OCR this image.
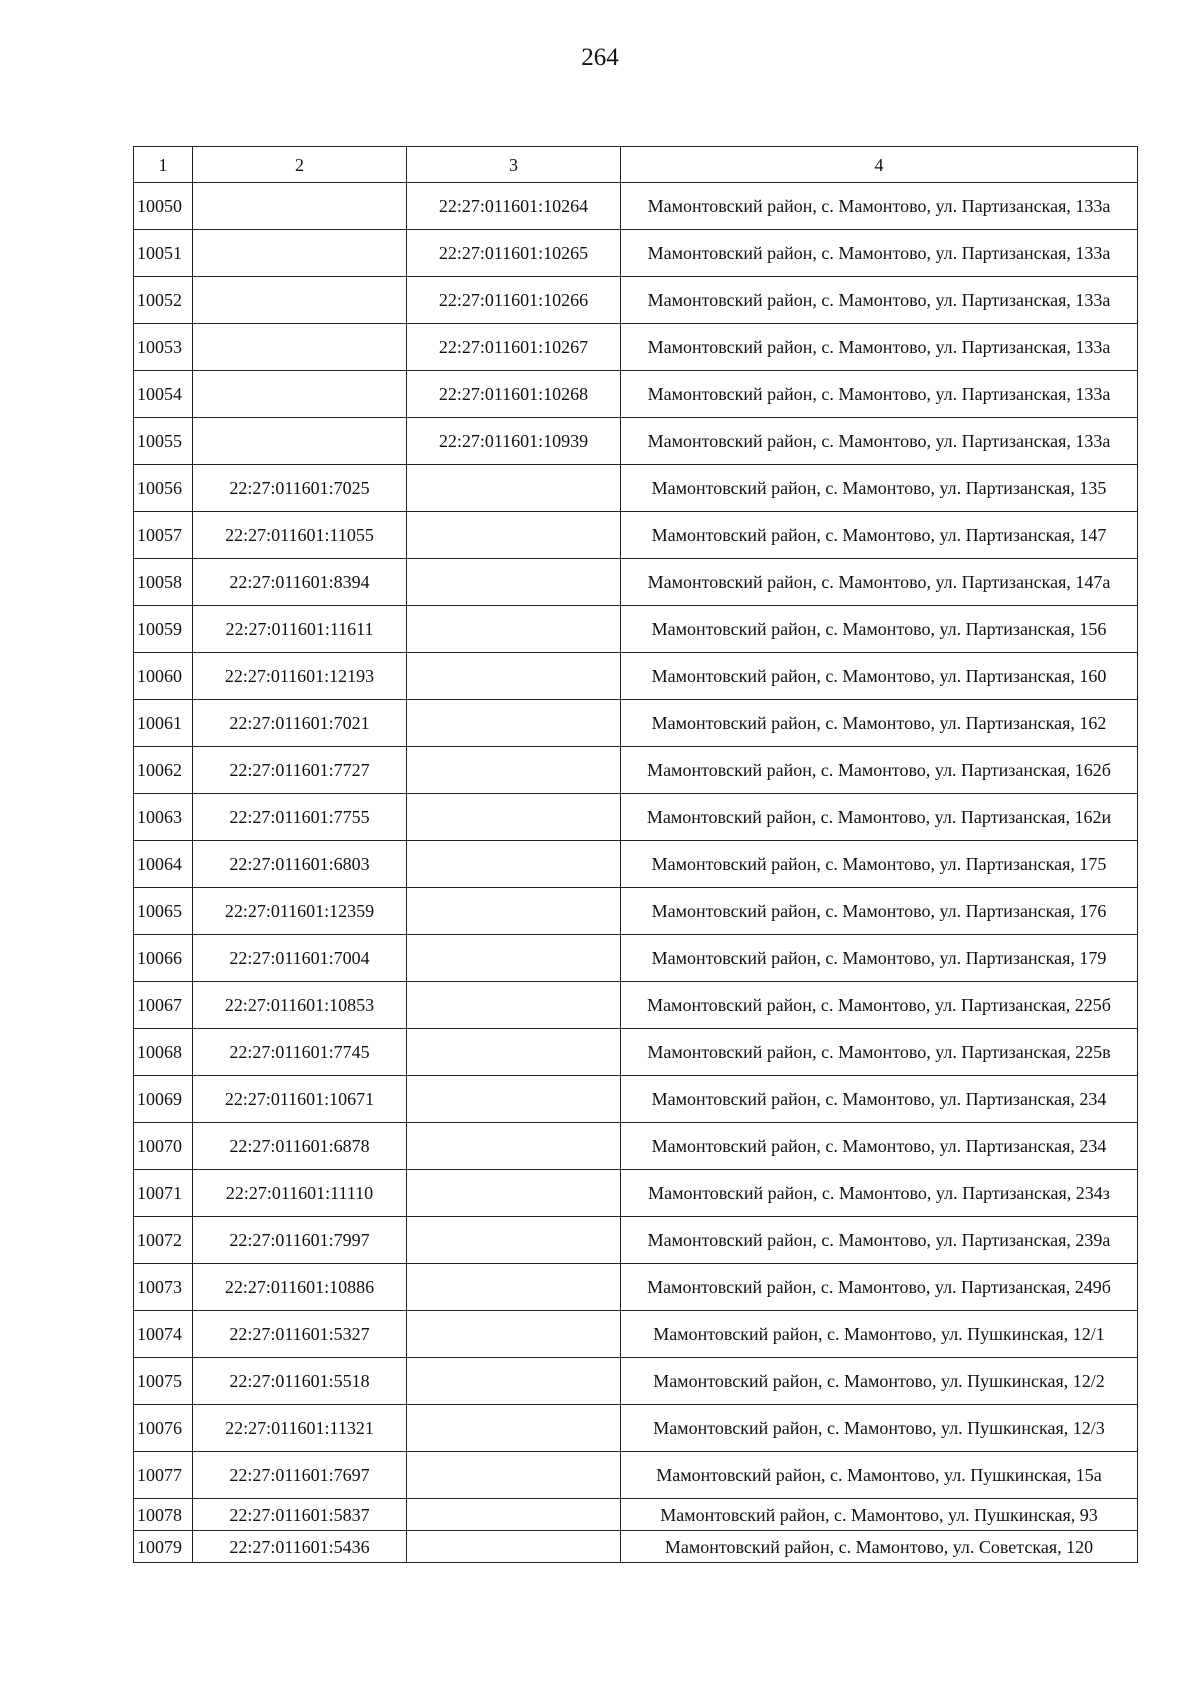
264
1	2	3	4
10050		22:27:011601:10264	Мамонтовский район, с. Мамонтово, ул. Партизанская, 133а
10051		22:27:011601:10265	Мамонтовский район, с. Мамонтово, ул. Партизанская, 133а
10052		22:27:011601:10266	Мамонтовский район, с. Мамонтово, ул. Партизанская, 133а
10053		22:27:011601:10267	Мамонтовский район, с. Мамонтово, ул. Партизанская, 133а
10054		22:27:011601:10268	Мамонтовский район, с. Мамонтово, ул. Партизанская, 133а
10055		22:27:011601:10939	Мамонтовский район, с. Мамонтово, ул. Партизанская, 133а
10056	22:27:011601:7025		Мамонтовский район, с. Мамонтово, ул. Партизанская, 135
10057	22:27:011601:11055		Мамонтовский район, с. Мамонтово, ул. Партизанская, 147
10058	22:27:011601:8394		Мамонтовский район, с. Мамонтово, ул. Партизанская, 147а
10059	22:27:011601:11611		Мамонтовский район, с. Мамонтово, ул. Партизанская, 156
10060	22:27:011601:12193		Мамонтовский район, с. Мамонтово, ул. Партизанская, 160
10061	22:27:011601:7021		Мамонтовский район, с. Мамонтово, ул. Партизанская, 162
10062	22:27:011601:7727		Мамонтовский район, с. Мамонтово, ул. Партизанская, 162б
10063	22:27:011601:7755		Мамонтовский район, с. Мамонтово, ул. Партизанская, 162и
10064	22:27:011601:6803		Мамонтовский район, с. Мамонтово, ул. Партизанская, 175
10065	22:27:011601:12359		Мамонтовский район, с. Мамонтово, ул. Партизанская, 176
10066	22:27:011601:7004		Мамонтовский район, с. Мамонтово, ул. Партизанская, 179
10067	22:27:011601:10853		Мамонтовский район, с. Мамонтово, ул. Партизанская, 225б
10068	22:27:011601:7745		Мамонтовский район, с. Мамонтово, ул. Партизанская, 225в
10069	22:27:011601:10671		Мамонтовский район, с. Мамонтово, ул. Партизанская, 234
10070	22:27:011601:6878		Мамонтовский район, с. Мамонтово, ул. Партизанская, 234
10071	22:27:011601:11110		Мамонтовский район, с. Мамонтово, ул. Партизанская, 234з
10072	22:27:011601:7997		Мамонтовский район, с. Мамонтово, ул. Партизанская, 239а
10073	22:27:011601:10886		Мамонтовский район, с. Мамонтово, ул. Партизанская, 249б
10074	22:27:011601:5327		Мамонтовский район, с. Мамонтово, ул. Пушкинская, 12/1
10075	22:27:011601:5518		Мамонтовский район, с. Мамонтово, ул. Пушкинская, 12/2
10076	22:27:011601:11321		Мамонтовский район, с. Мамонтово, ул. Пушкинская, 12/3
10077	22:27:011601:7697		Мамонтовский район, с. Мамонтово, ул. Пушкинская, 15а
10078	22:27:011601:5837		Мамонтовский район, с. Мамонтово, ул. Пушкинская, 93
10079	22:27:011601:5436		Мамонтовский район, с. Мамонтово, ул. Советская, 120
